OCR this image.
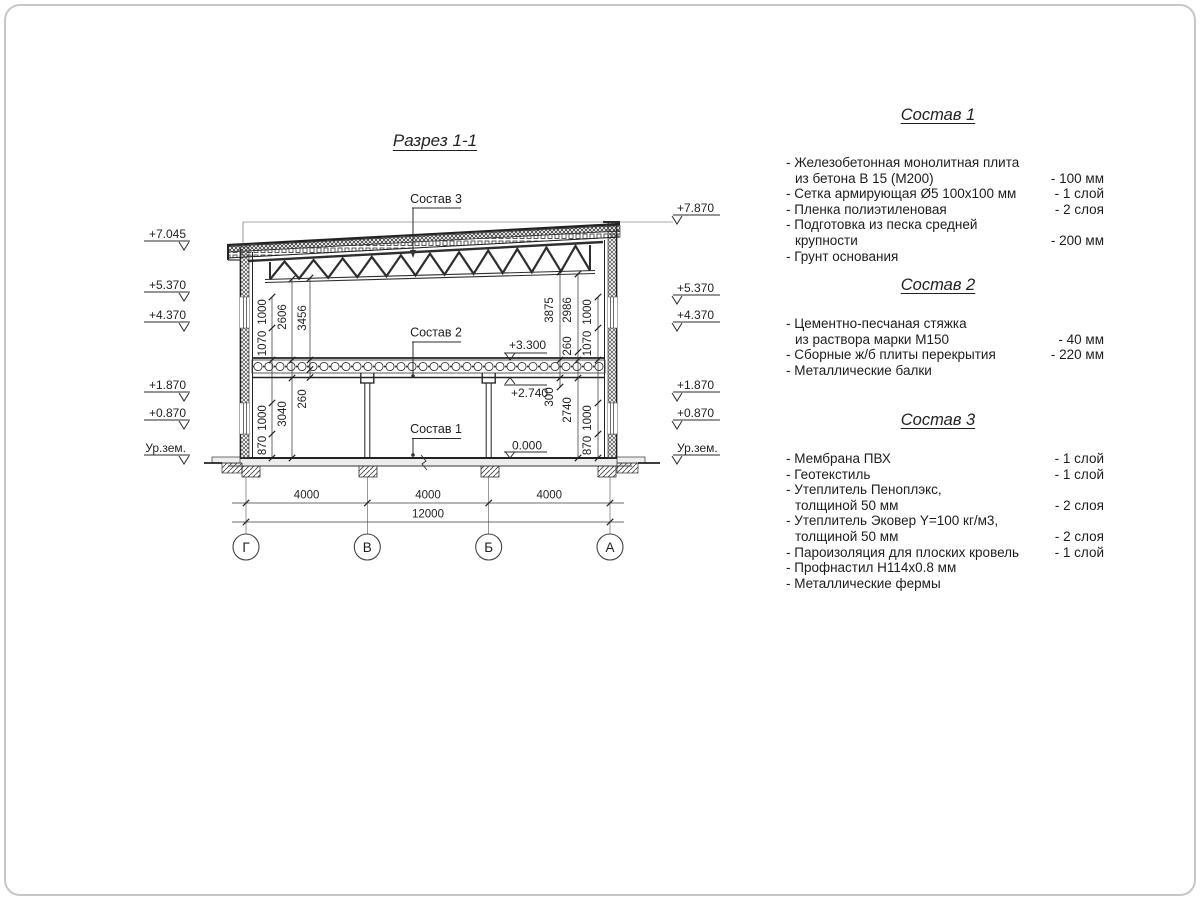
Разрез 1-1
Г	В	Б	А
4000	4000	4000
12000
1000
1070
1000
870
2606 3456
3040
260
3875 2986
260
300
2740
1000
1070
1000
870
+7.045
+5.370
+4.370
+1.870
+0.870
Ур.зем.
+7.870
+5.370
+4.370
+1.870
+0.870
Ур.зем.
+3.300
+2.740
0.000
Состав 3
Состав 2
Состав 1
Состав 1
- Железобетонная монолитная плита
из бетона В 15 (М200)	- 100 мм
- Сетка армирующая Ø5 100х100 мм	- 1 слой
- Пленка полиэтиленовая	- 2 слоя
- Подготовка из песка средней
крупности	- 200 мм
- Грунт основания
Состав 2
- Цементно-песчаная стяжка
из раствора марки М150	- 40 мм
- Сборные ж/б плиты перекрытия	- 220 мм
- Металлические балки
Состав 3
- Мембрана ПВХ	- 1 слой
- Геотекстиль	- 1 слой
- Утеплитель Пеноплэкс,
толщиной 50 мм	- 2 слоя
- Утеплитель Эковер Y=100 кг/м3,
толщиной 50 мм	- 2 слоя
- Пароизоляция для плоских кровель	- 1 слой
- Профнастил Н114х0.8 мм
- Металлические фермы
